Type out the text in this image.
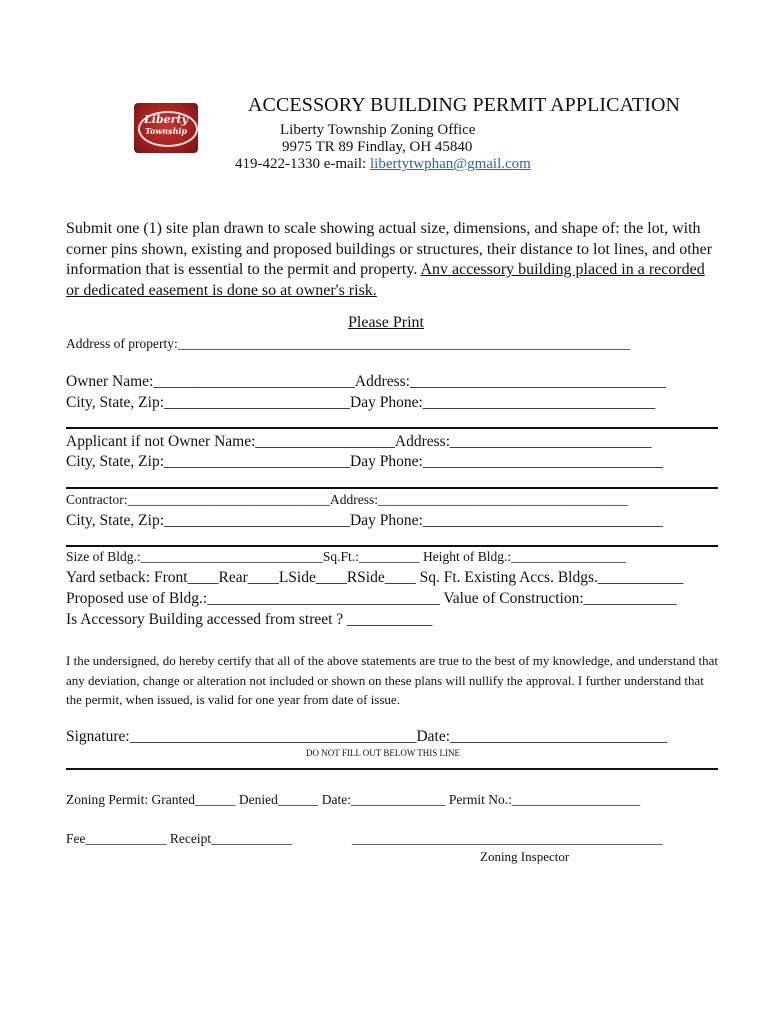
Liberty
Township
ACCESSORY BUILDING PERMIT APPLICATION
Liberty Township Zoning Office
9975 TR 89 Findlay, OH 45840
419-422-1330 e-mail: libertytwphan@gmail.com
Submit one (1) site plan drawn to scale showing actual size, dimensions, and shape of: the lot, with corner pins shown, existing and proposed buildings or structures, their distance to lot lines, and other information that is essential to the permit and property. Anv accessory building placed in a recorded or dedicated easement is done so at owner's risk.
Please Print
Address of property:___________________________________________________________________
Owner Name:__________________________Address:_________________________________
City, State, Zip:________________________Day Phone:______________________________
Applicant if not Owner Name:__________________Address:__________________________
City, State, Zip:________________________Day Phone:_______________________________
Contractor:______________________________Address:_____________________________________
City, State, Zip:________________________Day Phone:_______________________________
Size of Bldg.:___________________________Sq.Ft.:_________ Height of Bldg.:_________________
Yard setback: Front____Rear____LSide____RSide____ Sq. Ft. Existing Accs. Bldgs.___________
Proposed use of Bldg.:______________________________ Value of Construction:____________
Is Accessory Building accessed from street ? ___________
I the undersigned, do hereby certify that all of the above statements are true to the best of my knowledge, and understand that any deviation, change or alteration not included or shown on these plans will nullify the approval. I further understand that the permit, when issued, is valid for one year from date of issue.
Signature:_____________________________________Date:____________________________
DO NOT FILL OUT BELOW THIS LINE
Zoning Permit: Granted______ Denied______ Date:______________ Permit No.:___________________
Fee____________ Receipt____________	______________________________________________
Zoning Inspector
